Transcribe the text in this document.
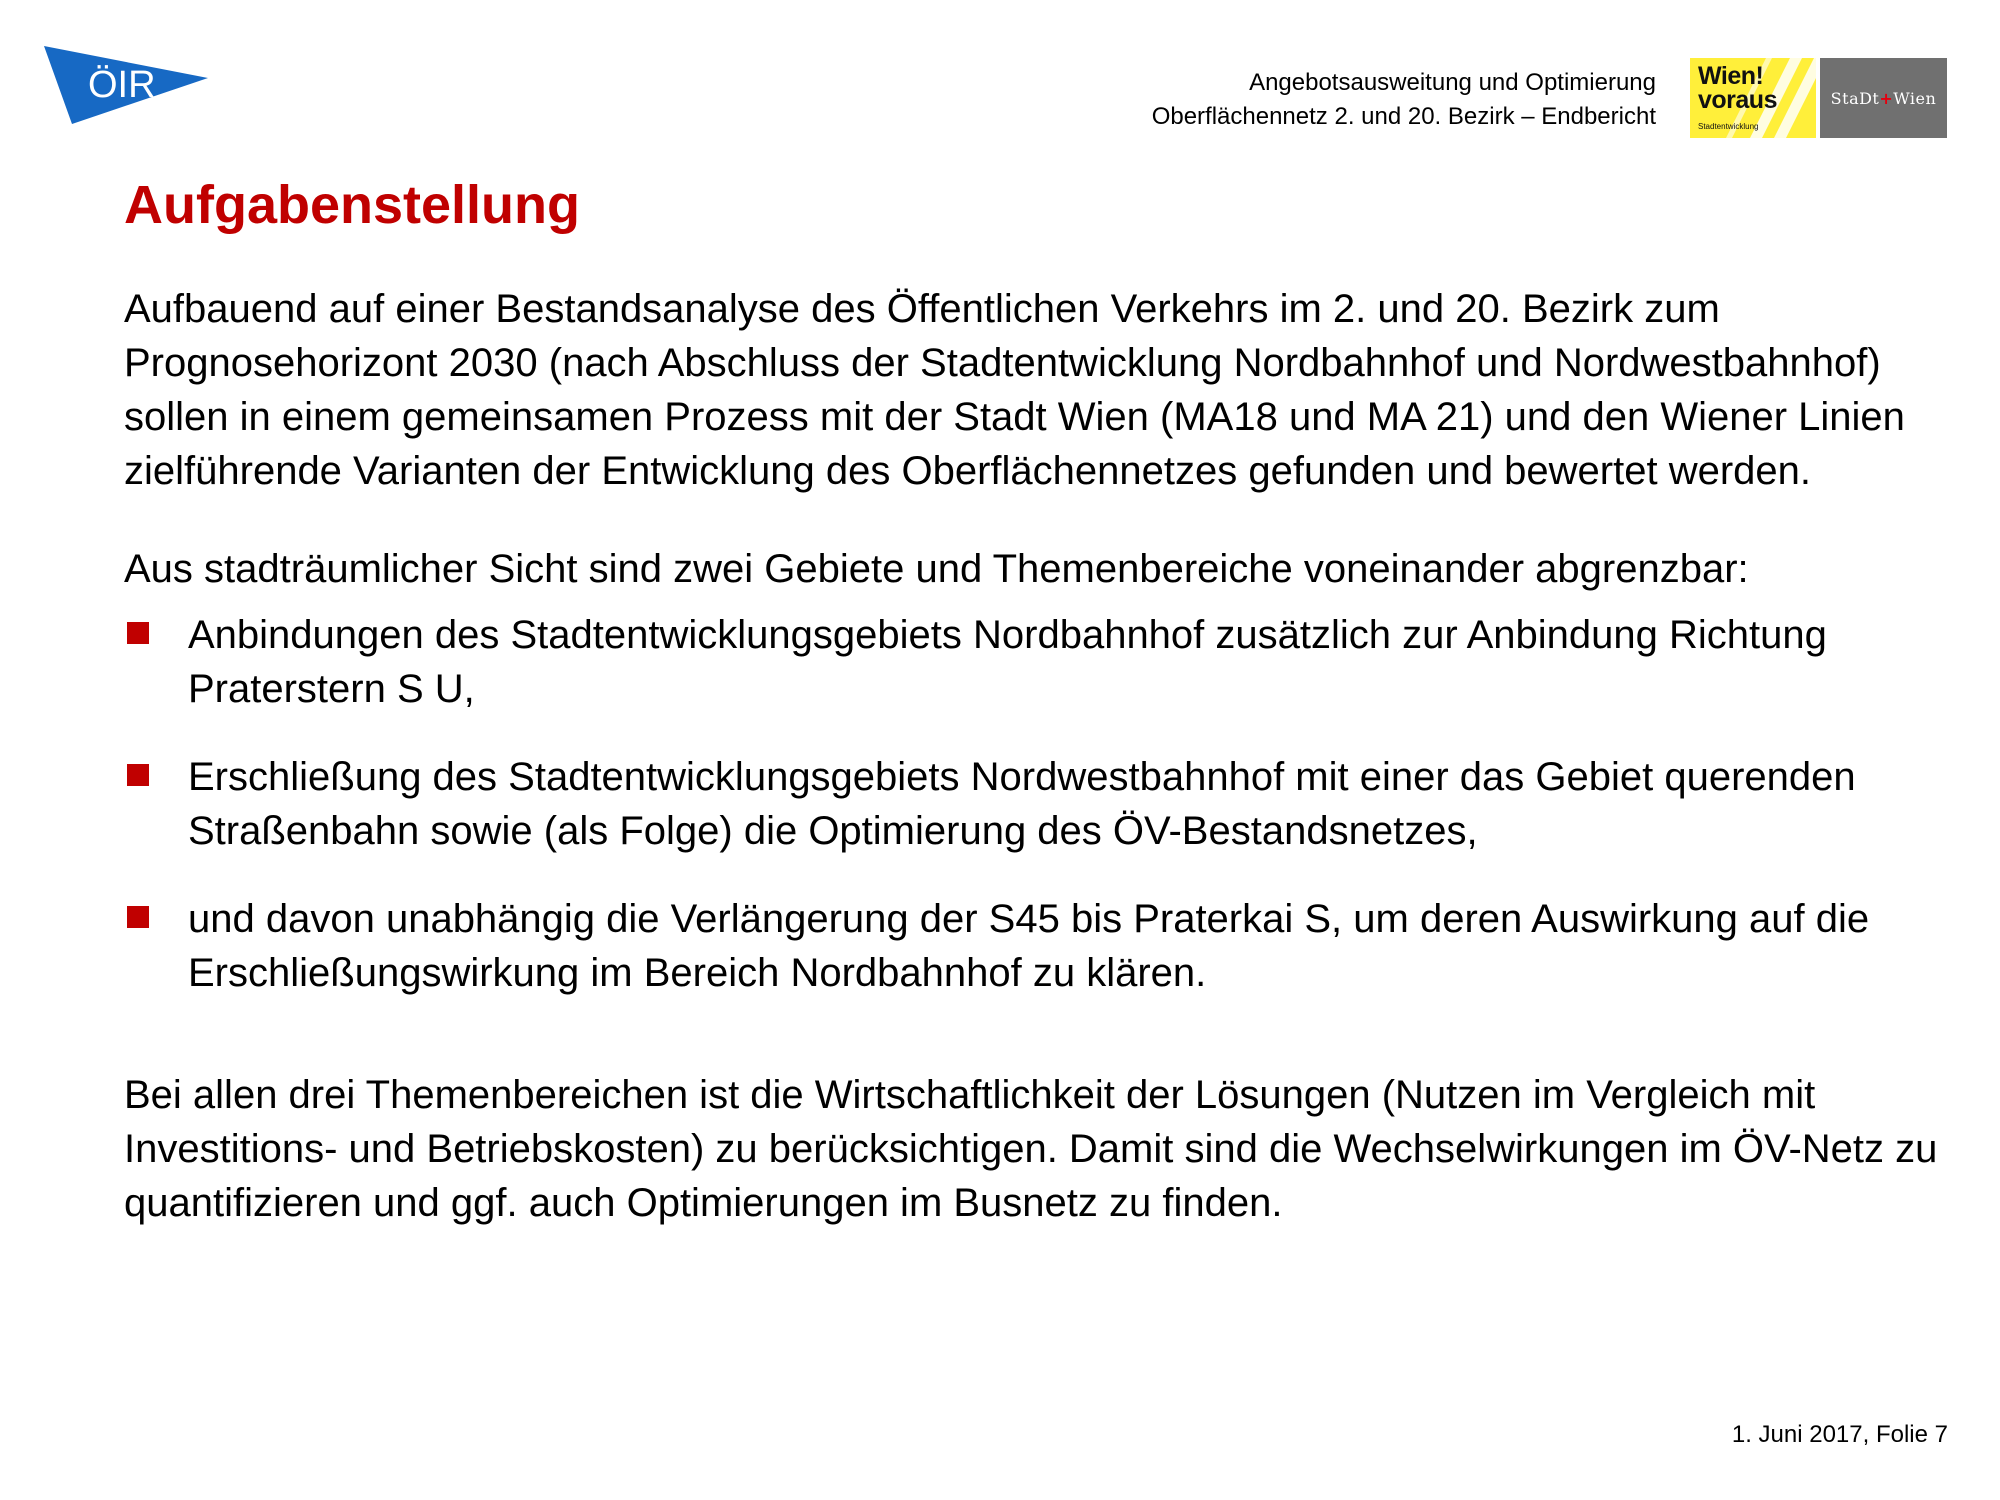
ÖIR	Angebotsausweitung und Optimierung
Oberflächennetz 2. und 20. Bezirk – Endbericht
Wien!
voraus
Stadtentwicklung
StaDt + Wien
Aufgabenstellung

Aufbauend auf einer Bestandsanalyse des Öffentlichen Verkehrs im 2. und 20. Bezirk zum Prognosehorizont 2030 (nach Abschluss der Stadtentwicklung Nordbahnhof und Nordwestbahnhof) sollen in einem gemeinsamen Prozess mit der Stadt Wien (MA18 und MA 21) und den Wiener Linien zielführende Varianten der Entwicklung des Oberflächennetzes gefunden und bewertet werden.

Aus stadträumlicher Sicht sind zwei Gebiete und Themenbereiche voneinander abgrenzbar:

Anbindungen des Stadtentwicklungsgebiets Nordbahnhof zusätzlich zur Anbindung Richtung Praterstern S U,
Erschließung des Stadtentwicklungsgebiets Nordwestbahnhof mit einer das Gebiet querenden Straßenbahn sowie (als Folge) die Optimierung des ÖV-Bestandsnetzes,
und davon unabhängig die Verlängerung der S45 bis Praterkai S, um deren Auswirkung auf die Erschließungswirkung im Bereich Nordbahnhof zu klären.

Bei allen drei Themenbereichen ist die Wirtschaftlichkeit der Lösungen (Nutzen im Vergleich mit Investitions- und Betriebskosten) zu berücksichtigen. Damit sind die Wechselwirkungen im ÖV-Netz zu quantifizieren und ggf. auch Optimierungen im Busnetz zu finden.

1. Juni 2017, Folie 7
